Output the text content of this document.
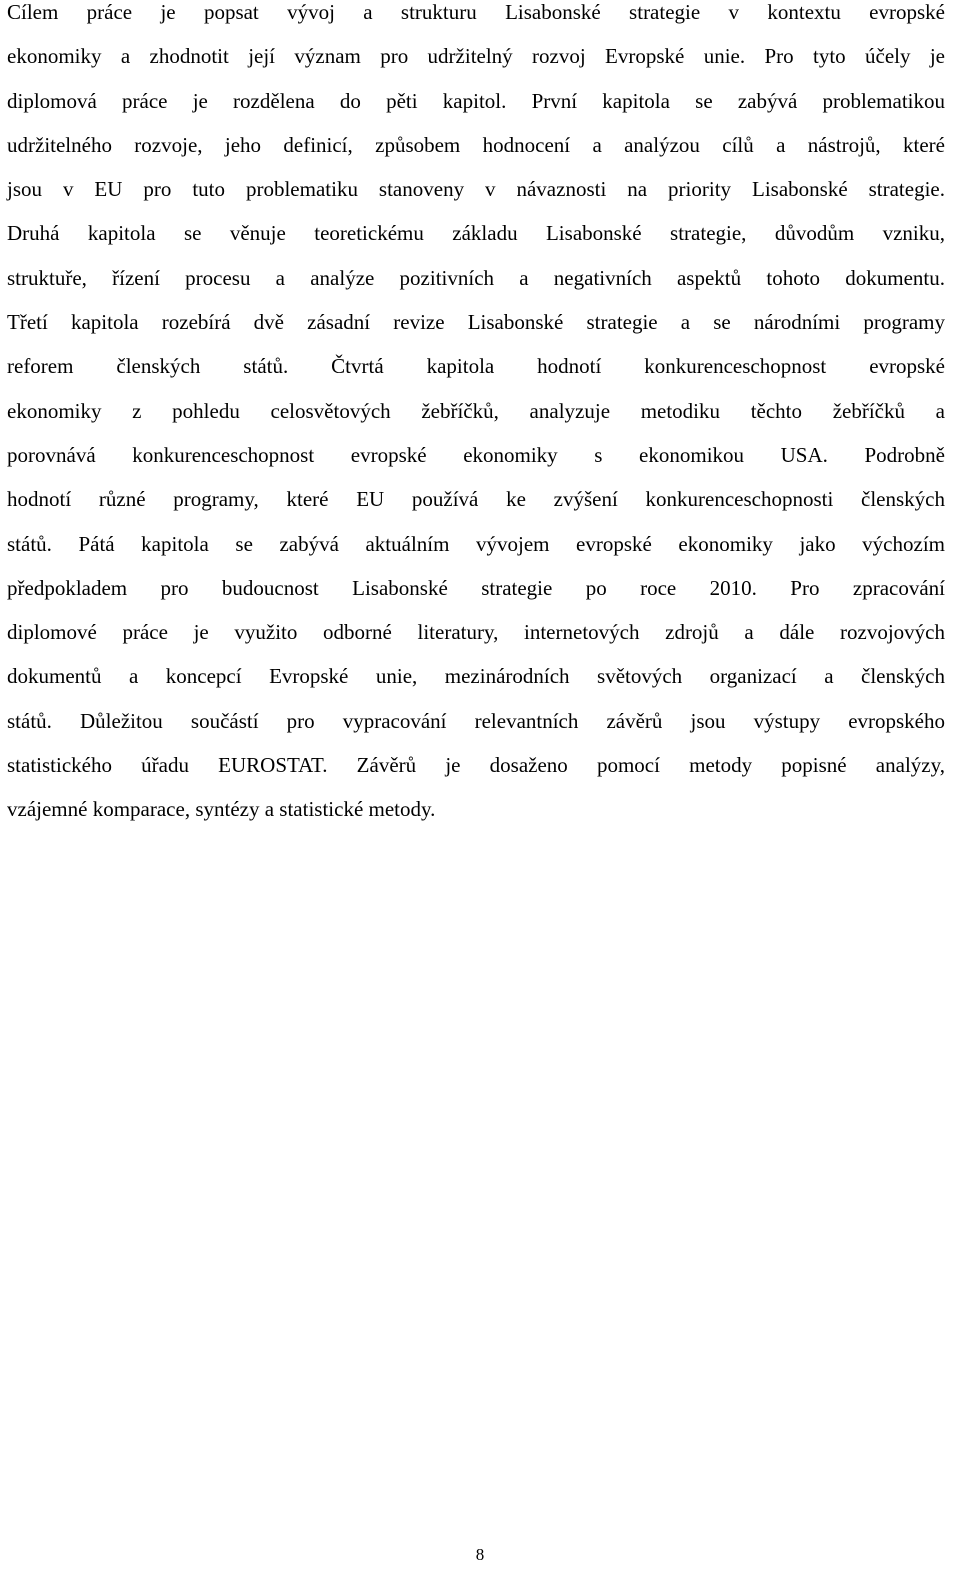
Cílem práce je popsat vývoj a strukturu Lisabonské strategie v kontextu evropské
ekonomiky a zhodnotit její význam pro udržitelný rozvoj Evropské unie. Pro tyto účely je
diplomová práce je rozdělena do pěti kapitol. První kapitola se zabývá problematikou
udržitelného rozvoje, jeho definicí, způsobem hodnocení a analýzou cílů a nástrojů, které
jsou v EU pro tuto problematiku stanoveny v návaznosti na priority Lisabonské strategie.
Druhá kapitola se věnuje teoretickému základu Lisabonské strategie, důvodům vzniku,
struktuře, řízení procesu a analýze pozitivních a negativních aspektů tohoto dokumentu.
Třetí kapitola rozebírá dvě zásadní revize Lisabonské strategie a se národními programy
reforem členských států. Čtvrtá kapitola hodnotí konkurenceschopnost evropské
ekonomiky z pohledu celosvětových žebříčků, analyzuje metodiku těchto žebříčků a
porovnává konkurenceschopnost evropské ekonomiky s ekonomikou USA. Podrobně
hodnotí různé programy, které EU používá ke zvýšení konkurenceschopnosti členských
států. Pátá kapitola se zabývá aktuálním vývojem evropské ekonomiky jako výchozím
předpokladem pro budoucnost Lisabonské strategie po roce 2010. Pro zpracování
diplomové práce je využito odborné literatury, internetových zdrojů a dále rozvojových
dokumentů a koncepcí Evropské unie, mezinárodních světových organizací a členských
států. Důležitou součástí pro vypracování relevantních závěrů jsou výstupy evropského
statistického úřadu EUROSTAT. Závěrů je dosaženo pomocí metody popisné analýzy,
vzájemné komparace, syntézy a statistické metody.
8
